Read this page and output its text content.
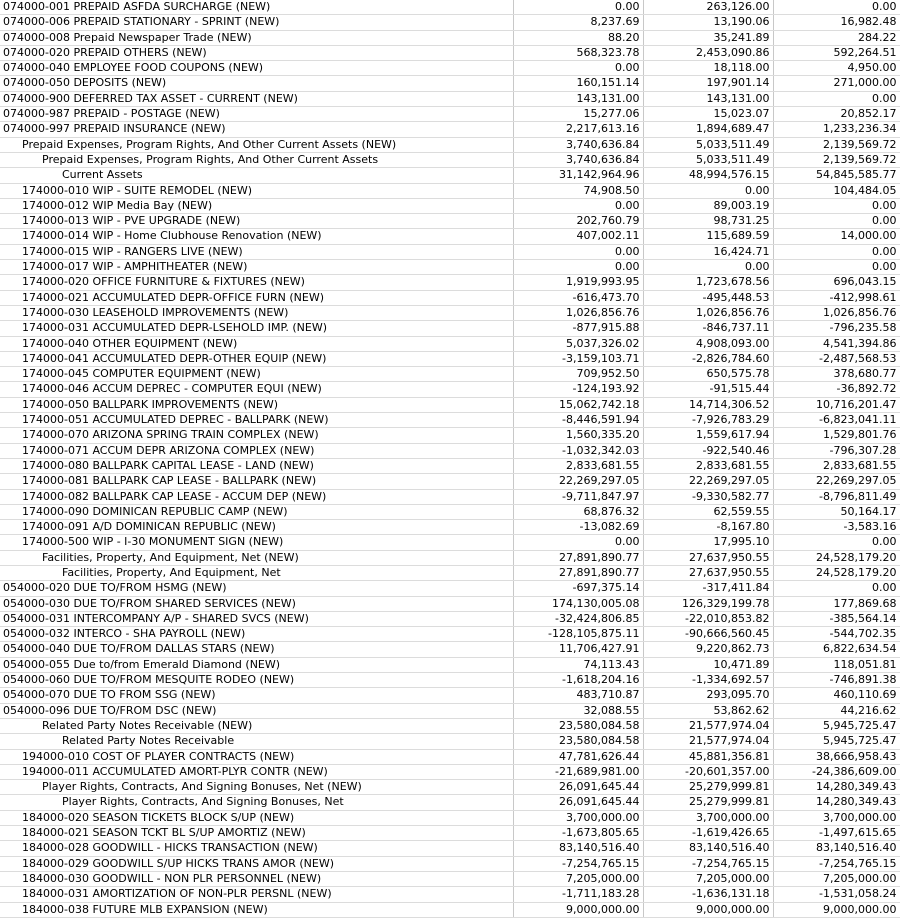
074000-001 PREPAID ASFDA SURCHARGE (NEW)	0.00	263,126.00	0.00
074000-006 PREPAID STATIONARY - SPRINT (NEW)	8,237.69	13,190.06	16,982.48
074000-008 Prepaid Newspaper Trade (NEW)	88.20	35,241.89	284.22
074000-020 PREPAID OTHERS (NEW)	568,323.78	2,453,090.86	592,264.51
074000-040 EMPLOYEE FOOD COUPONS (NEW)	0.00	18,118.00	4,950.00
074000-050 DEPOSITS (NEW)	160,151.14	197,901.14	271,000.00
074000-900 DEFERRED TAX ASSET - CURRENT (NEW)	143,131.00	143,131.00	0.00
074000-987 PREPAID - POSTAGE (NEW)	15,277.06	15,023.07	20,852.17
074000-997 PREPAID INSURANCE (NEW)	2,217,613.16	1,894,689.47	1,233,236.34
Prepaid Expenses, Program Rights, And Other Current Assets (NEW)	3,740,636.84	5,033,511.49	2,139,569.72
Prepaid Expenses, Program Rights, And Other Current Assets	3,740,636.84	5,033,511.49	2,139,569.72
Current Assets	31,142,964.96	48,994,576.15	54,845,585.77
174000-010 WIP - SUITE REMODEL (NEW)	74,908.50	0.00	104,484.05
174000-012 WIP Media Bay (NEW)	0.00	89,003.19	0.00
174000-013 WIP - PVE UPGRADE (NEW)	202,760.79	98,731.25	0.00
174000-014 WIP - Home Clubhouse Renovation (NEW)	407,002.11	115,689.59	14,000.00
174000-015 WIP - RANGERS LIVE (NEW)	0.00	16,424.71	0.00
174000-017 WIP - AMPHITHEATER (NEW)	0.00	0.00	0.00
174000-020 OFFICE FURNITURE & FIXTURES (NEW)	1,919,993.95	1,723,678.56	696,043.15
174000-021 ACCUMULATED DEPR-OFFICE FURN (NEW)	-616,473.70	-495,448.53	-412,998.61
174000-030 LEASEHOLD IMPROVEMENTS (NEW)	1,026,856.76	1,026,856.76	1,026,856.76
174000-031 ACCUMULATED DEPR-LSEHOLD IMP. (NEW)	-877,915.88	-846,737.11	-796,235.58
174000-040 OTHER EQUIPMENT (NEW)	5,037,326.02	4,908,093.00	4,541,394.86
174000-041 ACCUMULATED DEPR-OTHER EQUIP (NEW)	-3,159,103.71	-2,826,784.60	-2,487,568.53
174000-045 COMPUTER EQUIPMENT (NEW)	709,952.50	650,575.78	378,680.77
174000-046 ACCUM DEPREC - COMPUTER EQUI (NEW)	-124,193.92	-91,515.44	-36,892.72
174000-050 BALLPARK IMPROVEMENTS (NEW)	15,062,742.18	14,714,306.52	10,716,201.47
174000-051 ACCUMULATED DEPREC - BALLPARK (NEW)	-8,446,591.94	-7,926,783.29	-6,823,041.11
174000-070 ARIZONA SPRING TRAIN COMPLEX (NEW)	1,560,335.20	1,559,617.94	1,529,801.76
174000-071 ACCUM DEPR ARIZONA COMPLEX (NEW)	-1,032,342.03	-922,540.46	-796,307.28
174000-080 BALLPARK CAPITAL LEASE - LAND (NEW)	2,833,681.55	2,833,681.55	2,833,681.55
174000-081 BALLPARK CAP LEASE - BALLPARK (NEW)	22,269,297.05	22,269,297.05	22,269,297.05
174000-082 BALLPARK CAP LEASE - ACCUM DEP (NEW)	-9,711,847.97	-9,330,582.77	-8,796,811.49
174000-090 DOMINICAN REPUBLIC CAMP (NEW)	68,876.32	62,559.55	50,164.17
174000-091 A/D DOMINICAN REPUBLIC (NEW)	-13,082.69	-8,167.80	-3,583.16
174000-500 WIP - I-30 MONUMENT SIGN (NEW)	0.00	17,995.10	0.00
Facilities, Property, And Equipment, Net (NEW)	27,891,890.77	27,637,950.55	24,528,179.20
Facilities, Property, And Equipment, Net	27,891,890.77	27,637,950.55	24,528,179.20
054000-020 DUE TO/FROM HSMG (NEW)	-697,375.14	-317,411.84	0.00
054000-030 DUE TO/FROM SHARED SERVICES (NEW)	174,130,005.08	126,329,199.78	177,869.68
054000-031 INTERCOMPANY A/P - SHARED SVCS (NEW)	-32,424,806.85	-22,010,853.82	-385,564.14
054000-032 INTERCO - SHA PAYROLL (NEW)	-128,105,875.11	-90,666,560.45	-544,702.35
054000-040 DUE TO/FROM DALLAS STARS (NEW)	11,706,427.91	9,220,862.73	6,822,634.54
054000-055 Due to/from Emerald Diamond (NEW)	74,113.43	10,471.89	118,051.81
054000-060 DUE TO/FROM MESQUITE RODEO (NEW)	-1,618,204.16	-1,334,692.57	-746,891.38
054000-070 DUE TO FROM SSG (NEW)	483,710.87	293,095.70	460,110.69
054000-096 DUE TO/FROM DSC (NEW)	32,088.55	53,862.62	44,216.62
Related Party Notes Receivable (NEW)	23,580,084.58	21,577,974.04	5,945,725.47
Related Party Notes Receivable	23,580,084.58	21,577,974.04	5,945,725.47
194000-010 COST OF PLAYER CONTRACTS (NEW)	47,781,626.44	45,881,356.81	38,666,958.43
194000-011 ACCUMULATED AMORT-PLYR CONTR (NEW)	-21,689,981.00	-20,601,357.00	-24,386,609.00
Player Rights, Contracts, And Signing Bonuses, Net (NEW)	26,091,645.44	25,279,999.81	14,280,349.43
Player Rights, Contracts, And Signing Bonuses, Net	26,091,645.44	25,279,999.81	14,280,349.43
184000-020 SEASON TICKETS BLOCK S/UP (NEW)	3,700,000.00	3,700,000.00	3,700,000.00
184000-021 SEASON TCKT BL S/UP AMORTIZ (NEW)	-1,673,805.65	-1,619,426.65	-1,497,615.65
184000-028 GOODWILL - HICKS TRANSACTION (NEW)	83,140,516.40	83,140,516.40	83,140,516.40
184000-029 GOODWILL S/UP HICKS TRANS AMOR (NEW)	-7,254,765.15	-7,254,765.15	-7,254,765.15
184000-030 GOODWILL - NON PLR PERSONNEL (NEW)	7,205,000.00	7,205,000.00	7,205,000.00
184000-031 AMORTIZATION OF NON-PLR PERSNL (NEW)	-1,711,183.28	-1,636,131.18	-1,531,058.24
184000-038 FUTURE MLB EXPANSION (NEW)	9,000,000.00	9,000,000.00	9,000,000.00
